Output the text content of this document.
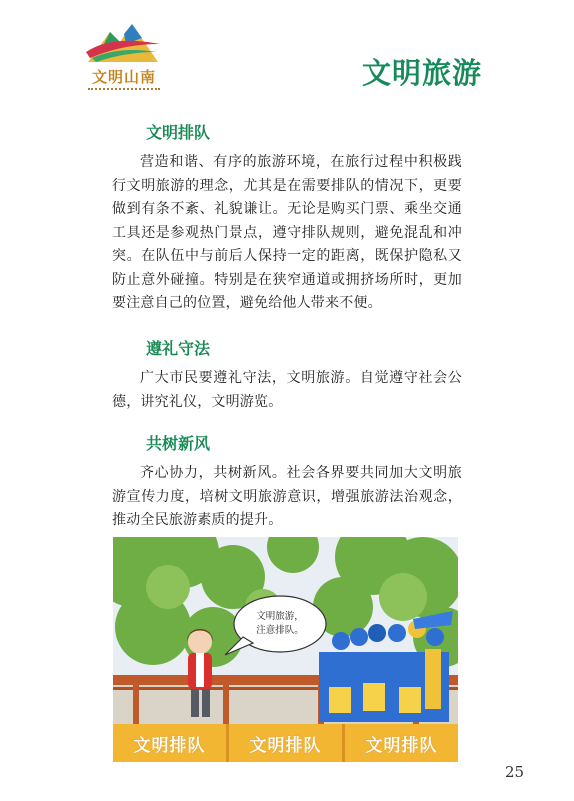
文明山南	文明旅游
文明排队

营造和谐、有序的旅游环境，在旅行过程中积极践行文明旅游的理念，尤其是在需要排队的情况下，更要做到有条不紊、礼貌谦让。无论是购买门票、乘坐交通工具还是参观热门景点，遵守排队规则，避免混乱和冲突。在队伍中与前后人保持一定的距离，既保护隐私又防止意外碰撞。特别是在狭窄通道或拥挤场所时，更加要注意自己的位置，避免给他人带来不便。

遵礼守法

广大市民要遵礼守法，文明旅游。自觉遵守社会公德，讲究礼仪，文明游览。

共树新风

齐心协力，共树新风。社会各界要共同加大文明旅游宣传力度，培树文明旅游意识，增强旅游法治观念，推动全民旅游素质的提升。

文明旅游，
注意排队。
文明排队	文明排队	文明排队
25
